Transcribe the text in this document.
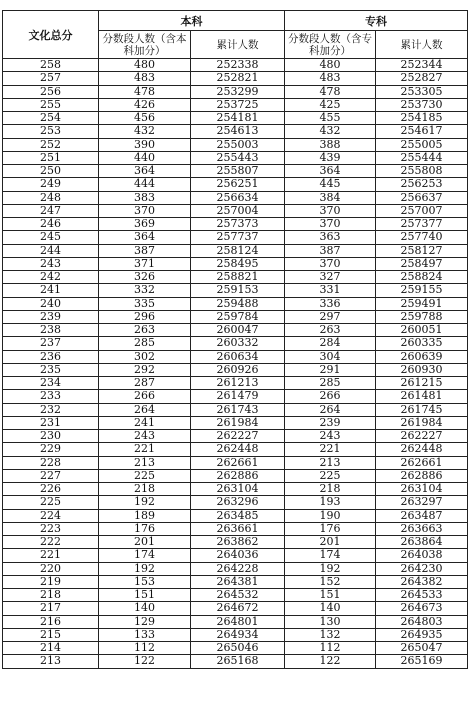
文化总分	本科		专科	
	分数段人数（含本科加分）	累计人数	分数段人数（含专科加分）	累计人数
258	480	252338	480	252344
257	483	252821	483	252827
256	478	253299	478	253305
255	426	253725	425	253730
254	456	254181	455	254185
253	432	254613	432	254617
252	390	255003	388	255005
251	440	255443	439	255444
250	364	255807	364	255808
249	444	256251	445	256253
248	383	256634	384	256637
247	370	257004	370	257007
246	369	257373	370	257377
245	364	257737	363	257740
244	387	258124	387	258127
243	371	258495	370	258497
242	326	258821	327	258824
241	332	259153	331	259155
240	335	259488	336	259491
239	296	259784	297	259788
238	263	260047	263	260051
237	285	260332	284	260335
236	302	260634	304	260639
235	292	260926	291	260930
234	287	261213	285	261215
233	266	261479	266	261481
232	264	261743	264	261745
231	241	261984	239	261984
230	243	262227	243	262227
229	221	262448	221	262448
228	213	262661	213	262661
227	225	262886	225	262886
226	218	263104	218	263104
225	192	263296	193	263297
224	189	263485	190	263487
223	176	263661	176	263663
222	201	263862	201	263864
221	174	264036	174	264038
220	192	264228	192	264230
219	153	264381	152	264382
218	151	264532	151	264533
217	140	264672	140	264673
216	129	264801	130	264803
215	133	264934	132	264935
214	112	265046	112	265047
213	122	265168	122	265169
